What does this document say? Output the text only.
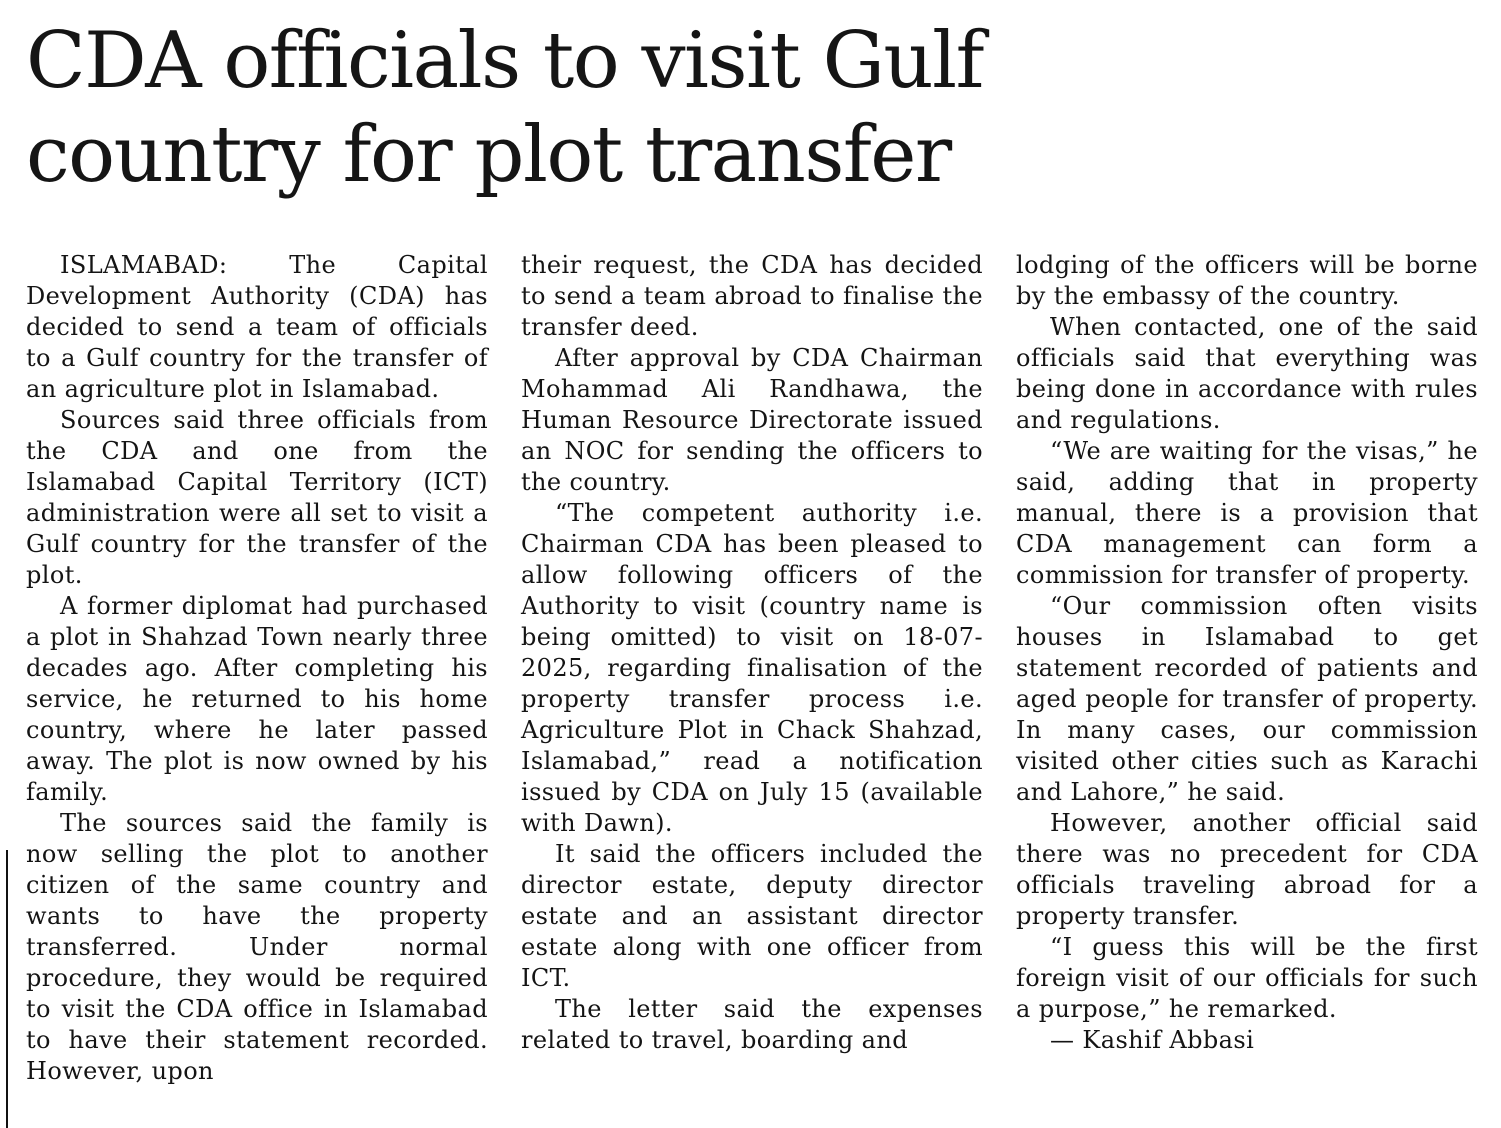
CDA officials to visit Gulf
country for plot transfer

ISLAMABAD: The Capital Development Authority (CDA) has decided to send a team of officials to a Gulf country for the transfer of an agriculture plot in Islamabad.

Sources said three officials from the CDA and one from the Islamabad Capital Territory (ICT) administration were all set to visit a Gulf country for the transfer of the plot.

A former diplomat had purchased a plot in Shahzad Town nearly three decades ago. After completing his service, he returned to his home country, where he later passed away. The plot is now owned by his family.

The sources said the family is now selling the plot to another citizen of the same country and wants to have the property transferred. Under normal procedure, they would be required to visit the CDA office in Islamabad to have their statement recorded. However, upon

their request, the CDA has decided to send a team abroad to finalise the transfer deed.

After approval by CDA Chairman Mohammad Ali Randhawa, the Human Resource Directorate issued an NOC for sending the officers to the country.

“The competent authority i.e. Chairman CDA has been pleased to allow following officers of the Authority to visit (country name is being omitted) to visit on 18-07-2025, regarding finalisation of the property transfer process i.e. Agriculture Plot in Chack Shahzad, Islamabad,” read a notification issued by CDA on July 15 (available with Dawn).

It said the officers included the director estate, deputy director estate and an assistant director estate along with one officer from ICT.

The letter said the expenses related to travel, boarding and

lodging of the officers will be borne by the embassy of the country.

When contacted, one of the said officials said that everything was being done in accordance with rules and regulations.

“We are waiting for the visas,” he said, adding that in property manual, there is a provision that CDA management can form a commission for transfer of property.

“Our commission often visits houses in Islamabad to get statement recorded of patients and aged people for transfer of property. In many cases, our commission visited other cities such as Karachi and Lahore,” he said.

However, another official said there was no precedent for CDA officials traveling abroad for a property transfer.

“I guess this will be the first foreign visit of our officials for such a purpose,” he remarked.

— Kashif Abbasi
